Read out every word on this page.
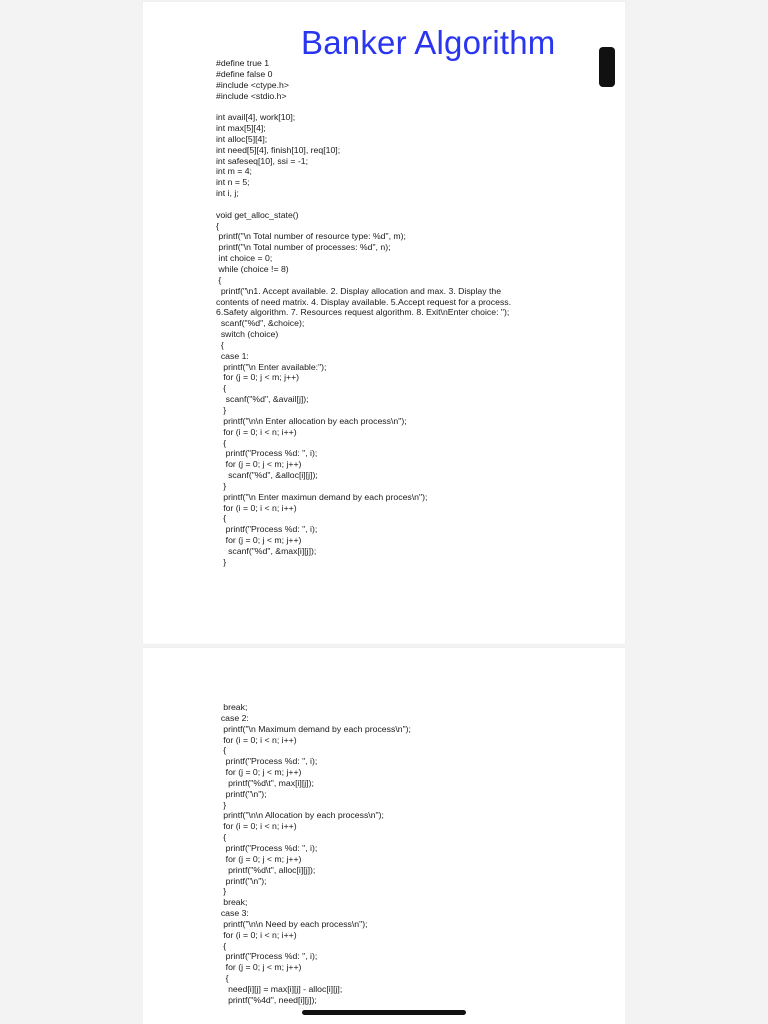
Banker Algorithm
#define true 1
#define false 0
#include <ctype.h>
#include <stdio.h>
int avail[4], work[10];
int max[5][4];
int alloc[5][4];
int need[5][4], finish[10], req[10];
int safeseq[10], ssi = -1;
int m = 4;
int n = 5;
int i, j;
void get_alloc_state()
{
printf("\n Total number of resource type: %d", m);
printf("\n Total number of processes: %d", n);
int choice = 0;
while (choice != 8)
{
printf("\n1. Accept available. 2. Display allocation and max. 3. Display the
contents of need matrix. 4. Display available. 5.Accept request for a process.
6.Safety algorithm. 7. Resources request algorithm. 8. Exit\nEnter choice: ");
scanf("%d", &choice);
switch (choice)
{
case 1:
printf("\n Enter available:");
for (j = 0; j < m; j++)
{
scanf("%d", &avail[j]);
}
printf("\n\n Enter allocation by each process\n");
for (i = 0; i < n; i++)
{
printf("Process %d: ", i);
for (j = 0; j < m; j++)
scanf("%d", &alloc[i][j]);
}
printf("\n Enter maximun demand by each proces\n");
for (i = 0; i < n; i++)
{
printf("Process %d: ", i);
for (j = 0; j < m; j++)
scanf("%d", &max[i][j]);
}
break;
case 2:
printf("\n Maximum demand by each process\n");
for (i = 0; i < n; i++)
{
printf("Process %d: ", i);
for (j = 0; j < m; j++)
printf("%d\t", max[i][j]);
printf("\n");
}
printf("\n\n Allocation by each process\n");
for (i = 0; i < n; i++)
{
printf("Process %d: ", i);
for (j = 0; j < m; j++)
printf("%d\t", alloc[i][j]);
printf("\n");
}
break;
case 3:
printf("\n\n Need by each process\n");
for (i = 0; i < n; i++)
{
printf("Process %d: ", i);
for (j = 0; j < m; j++)
{
need[i][j] = max[i][j] - alloc[i][j];
printf("%4d", need[i][j]);
